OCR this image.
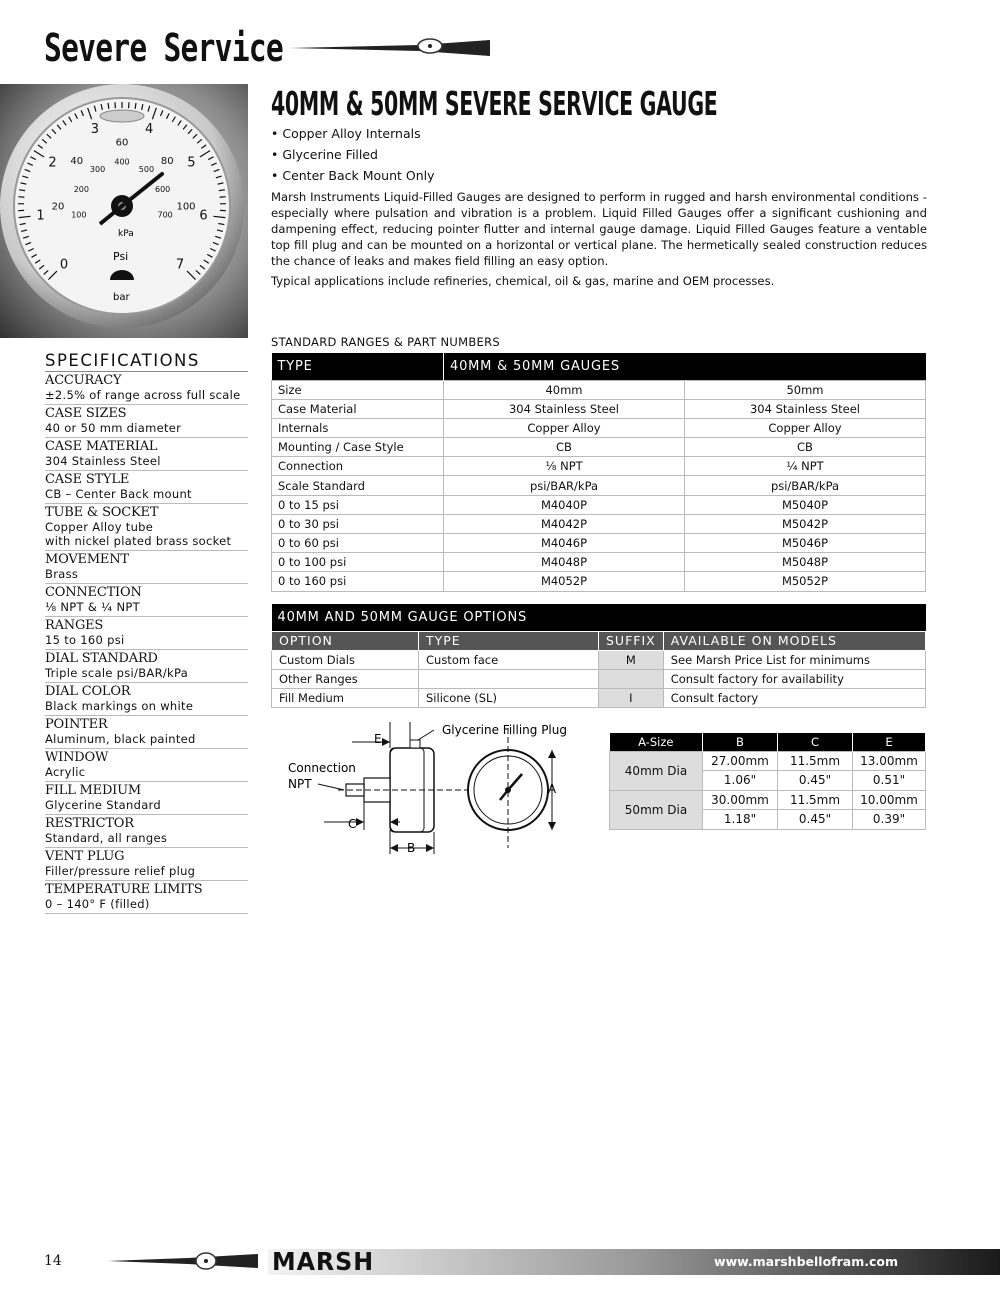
Severe Service
0
1
2
3	4
5
6
7
20
40
60
80
100
100
200
300
400
500
600
700
Psi
kPa
bar
40MM & 50MM SEVERE SERVICE GAUGE
• Copper Alloy Internals
• Glycerine Filled
• Center Back Mount Only
Marsh Instruments Liquid-Filled Gauges are designed to perform in rugged and harsh environmental conditions - especially where pulsation and vibration is a problem. Liquid Filled Gauges offer a significant cushioning and dampening effect, reducing pointer flutter and internal gauge damage. Liquid Filled Gauges feature a ventable top fill plug and can be mounted on a horizontal or vertical plane. The hermetically sealed construction reduces the chance of leaks and makes field filling an easy option.
Typical applications include refineries, chemical, oil & gas, marine and OEM processes.
SPECIFICATIONS
ACCURACY
±2.5% of range across full scale
CASE SIZES
40 or 50 mm diameter
CASE MATERIAL
304 Stainless Steel
CASE STYLE
CB – Center Back mount
TUBE & SOCKET
Copper Alloy tube
with nickel plated brass socket
MOVEMENT
Brass
CONNECTION
⅛ NPT & ¼ NPT
RANGES
15 to 160 psi
DIAL STANDARD
Triple scale psi/BAR/kPa
DIAL COLOR
Black markings on white
POINTER
Aluminum, black painted
WINDOW
Acrylic
FILL MEDIUM
Glycerine Standard
RESTRICTOR
Standard, all ranges
VENT PLUG
Filler/pressure relief plug
TEMPERATURE LIMITS
0 – 140° F (filled)
STANDARD RANGES & PART NUMBERS
TYPE	40MM & 50MM GAUGES	
Size	40mm	50mm
Case Material	304 Stainless Steel	304 Stainless Steel
Internals	Copper Alloy	Copper Alloy
Mounting / Case Style	CB	CB
Connection	⅛ NPT	¼ NPT
Scale Standard	psi/BAR/kPa	psi/BAR/kPa
0 to 15 psi	M4040P	M5040P
0 to 30 psi	M4042P	M5042P
0 to 60 psi	M4046P	M5046P
0 to 100 psi	M4048P	M5048P
0 to 160 psi	M4052P	M5052P
40MM AND 50MM GAUGE OPTIONS			
OPTION	TYPE	SUFFIX	AVAILABLE ON MODELS
Custom Dials	Custom face	M	See Marsh Price List for minimums
Other Ranges			Consult factory for availability
Fill Medium	Silicone (SL)	I	Consult factory
A
E
Glycerine Filling Plug
Connection
NPT
C
B
A-Size	B	C	E
40mm Dia	27.00mm	11.5mm	13.00mm
	1.06"	0.45"	0.51"
50mm Dia	30.00mm	11.5mm	10.00mm
	1.18"	0.45"	0.39"
14	MARSH	www.marshbellofram.com
